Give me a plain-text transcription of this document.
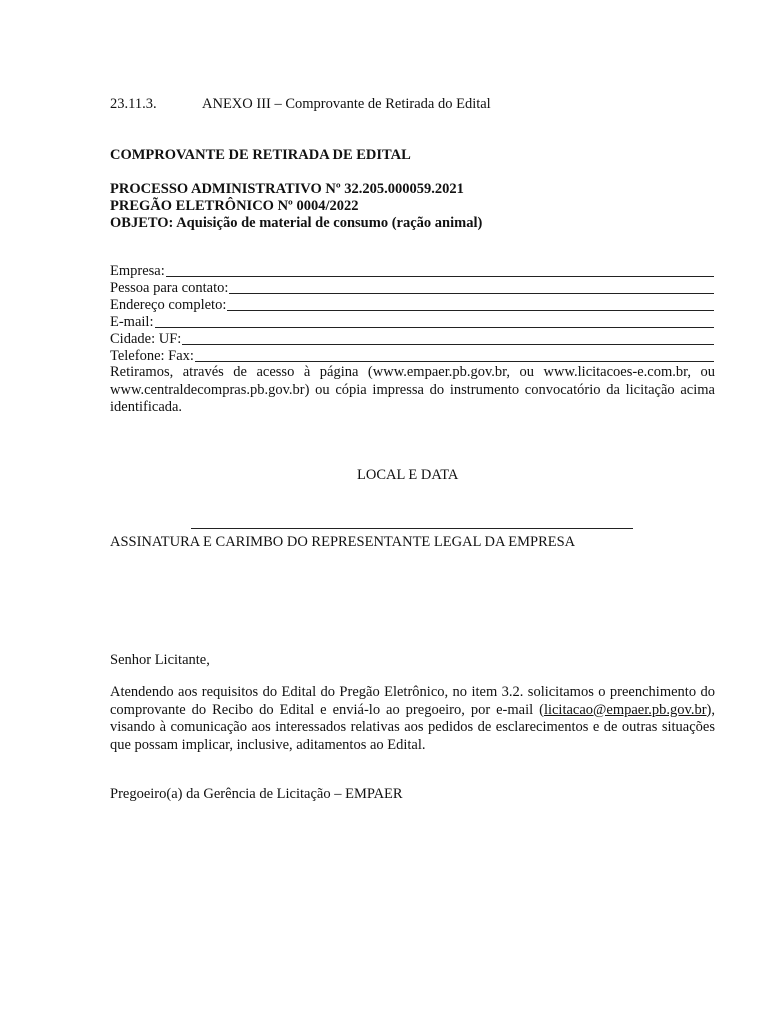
23.11.3.	ANEXO III – Comprovante de Retirada do Edital
COMPROVANTE DE RETIRADA DE EDITAL
PROCESSO ADMINISTRATIVO Nº 32.205.000059.2021
PREGÃO ELETRÔNICO Nº 0004/2022
OBJETO: Aquisição de material de consumo (ração animal)
Empresa:
Pessoa para contato:
Endereço completo:
E-mail:
Cidade: UF:
Telefone: Fax:
Retiramos, através de acesso à página (www.empaer.pb.gov.br, ou www.licitacoes-e.com.br, ou www.centraldecompras.pb.gov.br) ou cópia impressa do instrumento convocatório da licitação acima identificada.
LOCAL E DATA
ASSINATURA E CARIMBO DO REPRESENTANTE LEGAL DA EMPRESA
Senhor Licitante,
Atendendo aos requisitos do Edital do Pregão Eletrônico, no item 3.2. solicitamos o preenchimento do comprovante do Recibo do Edital e enviá-lo ao pregoeiro, por e-mail (licitacao@empaer.pb.gov.br), visando à comunicação aos interessados relativas aos pedidos de esclarecimentos e de outras situações que possam implicar, inclusive, aditamentos ao Edital.
Pregoeiro(a) da Gerência de Licitação – EMPAER
